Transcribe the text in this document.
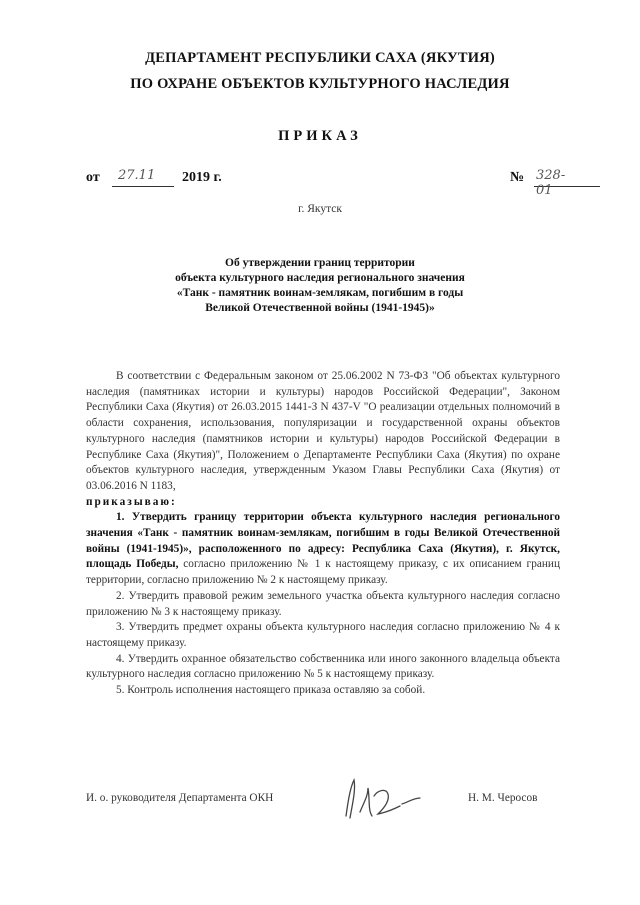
ДЕПАРТАМЕНТ РЕСПУБЛИКИ САХА (ЯКУТИЯ)
ПО ОХРАНЕ ОБЪЕКТОВ КУЛЬТУРНОГО НАСЛЕДИЯ
ПРИКАЗ
от 27.11 2019 г.	№ 328-01
г. Якутск
Об утверждении границ территории
объекта культурного наследия регионального значения
«Танк - памятник воинам-землякам, погибшим в годы
Великой Отечественной войны (1941-1945)»

В соответствии с Федеральным законом от 25.06.2002 N 73-ФЗ "Об объектах культурного наследия (памятниках истории и культуры) народов Российской Федерации", Законом Республики Саха (Якутия) от 26.03.2015 1441-З N 437-V "О реализации отдельных полномочий в области сохранения, использования, популяризации и государственной охраны объектов культурного наследия (памятников истории и культуры) народов Российской Федерации в Республике Саха (Якутия)", Положением о Департаменте Республики Саха (Якутия) по охране объектов культурного наследия, утвержденным Указом Главы Республики Саха (Якутия) от 03.06.2016 N 1183,

приказываю:

1. Утвердить границу территории объекта культурного наследия регионального значения «Танк - памятник воинам-землякам, погибшим в годы Великой Отечественной войны (1941-1945)», расположенного по адресу: Республика Саха (Якутия), г. Якутск, площадь Победы, согласно приложению № 1 к настоящему приказу, с их описанием границ территории, согласно приложению № 2 к настоящему приказу.

2. Утвердить правовой режим земельного участка объекта культурного наследия согласно приложению № 3 к настоящему приказу.

3. Утвердить предмет охраны объекта культурного наследия согласно приложению № 4 к настоящему приказу.

4. Утвердить охранное обязательство собственника или иного законного владельца объекта культурного наследия согласно приложению № 5 к настоящему приказу.

5. Контроль исполнения настоящего приказа оставляю за собой.

И. о. руководителя Департамента ОКН	Н. М. Чеpосов
